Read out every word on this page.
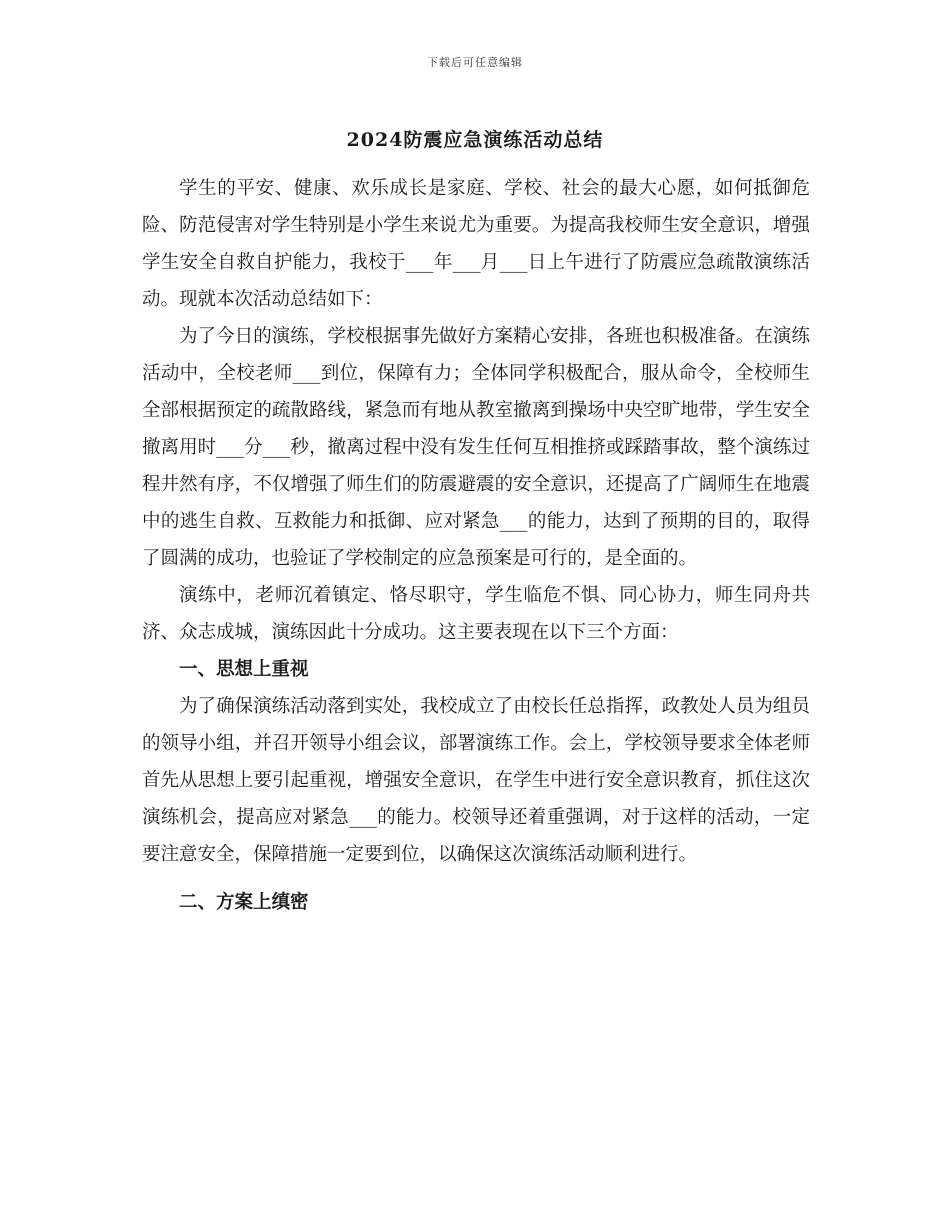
下载后可任意编辑
2024防震应急演练活动总结

学生的平安、健康、欢乐成长是家庭、学校、社会的最大心愿，如何抵御危险、防范侵害对学生特别是小学生来说尤为重要。为提高我校师生安全意识，增强学生安全自救自护能力，我校于___年___月___日上午进行了防震应急疏散演练活动。现就本次活动总结如下：

为了今日的演练，学校根据事先做好方案精心安排，各班也积极准备。在演练活动中，全校老师___到位，保障有力；全体同学积极配合，服从命令，全校师生全部根据预定的疏散路线，紧急而有地从教室撤离到操场中央空旷地带，学生安全撤离用时___分___秒，撤离过程中没有发生任何互相推挤或踩踏事故，整个演练过程井然有序，不仅增强了师生们的防震避震的安全意识，还提高了广阔师生在地震中的逃生自救、互救能力和抵御、应对紧急___的能力，达到了预期的目的，取得了圆满的成功，也验证了学校制定的应急预案是可行的，是全面的。

演练中，老师沉着镇定、恪尽职守，学生临危不惧、同心协力，师生同舟共济、众志成城，演练因此十分成功。这主要表现在以下三个方面：

一、思想上重视

为了确保演练活动落到实处，我校成立了由校长任总指挥，政教处人员为组员的领导小组，并召开领导小组会议，部署演练工作。会上，学校领导要求全体老师首先从思想上要引起重视，增强安全意识，在学生中进行安全意识教育，抓住这次演练机会，提高应对紧急___的能力。校领导还着重强调，对于这样的活动，一定要注意安全，保障措施一定要到位，以确保这次演练活动顺利进行。

二、方案上缜密
